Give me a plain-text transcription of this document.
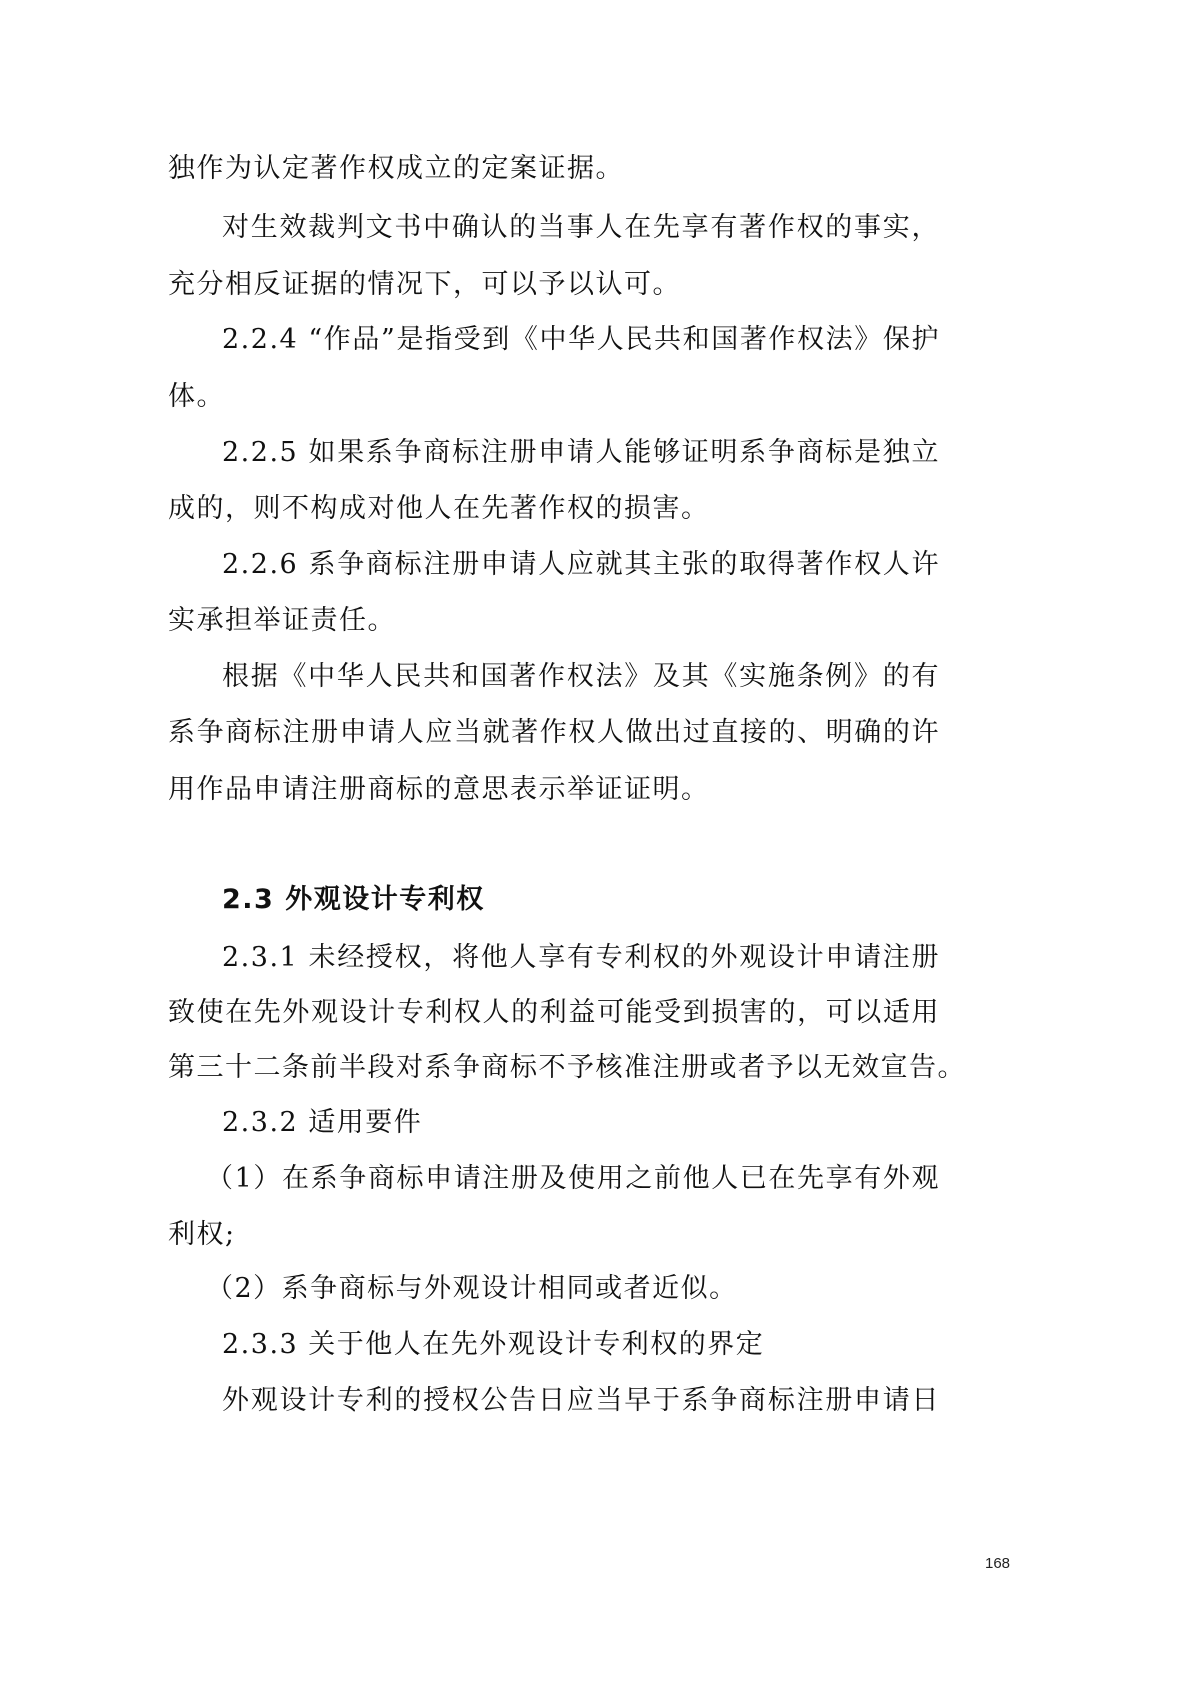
独作为认定著作权成立的定案证据。
对生效裁判文书中确认的当事人在先享有著作权的事实，
充分相反证据的情况下，可以予以认可。
2.2.4 “作品”是指受到《中华人民共和国著作权法》保护
体。
2.2.5 如果系争商标注册申请人能够证明系争商标是独立
成的，则不构成对他人在先著作权的损害。
2.2.6 系争商标注册申请人应就其主张的取得著作权人许
实承担举证责任。
根据《中华人民共和国著作权法》及其《实施条例》的有
系争商标注册申请人应当就著作权人做出过直接的、明确的许
用作品申请注册商标的意思表示举证证明。
2.3 外观设计专利权
2.3.1 未经授权，将他人享有专利权的外观设计申请注册
致使在先外观设计专利权人的利益可能受到损害的，可以适用
第三十二条前半段对系争商标不予核准注册或者予以无效宣告。
2.3.2 适用要件
（1）在系争商标申请注册及使用之前他人已在先享有外观
利权;
（2）系争商标与外观设计相同或者近似。
2.3.3 关于他人在先外观设计专利权的界定
外观设计专利的授权公告日应当早于系争商标注册申请日
168
